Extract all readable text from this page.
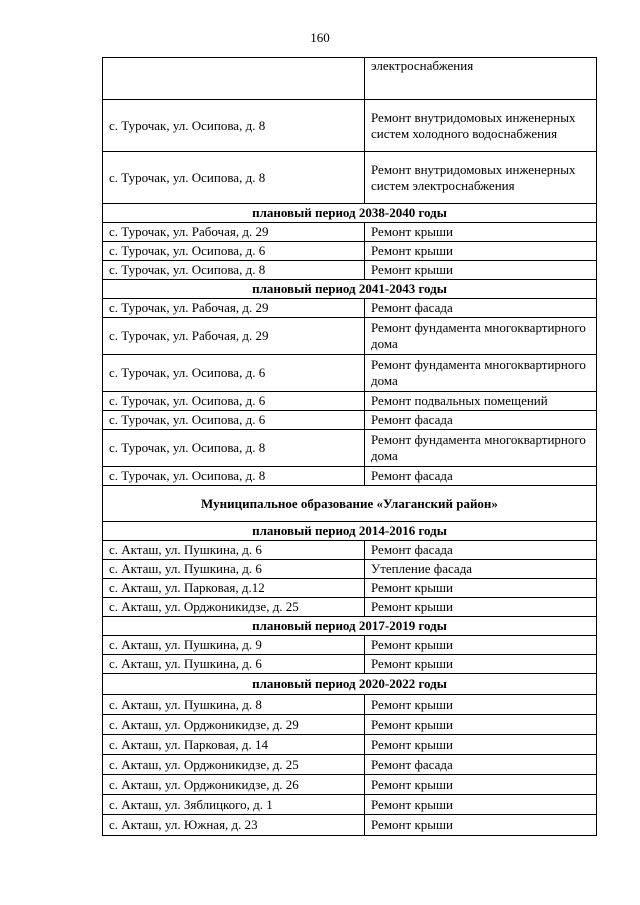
160
	электроснабжения
с. Турочак, ул. Осипова, д. 8	Ремонт внутридомовых инженерных систем холодного водоснабжения
с. Турочак, ул. Осипова, д. 8	Ремонт внутридомовых инженерных систем электроснабжения
плановый период 2038-2040 годы	
с. Турочак, ул. Рабочая, д. 29	Ремонт крыши
с. Турочак, ул. Осипова, д. 6	Ремонт крыши
с. Турочак, ул. Осипова, д. 8	Ремонт крыши
плановый период 2041-2043 годы	
с. Турочак, ул. Рабочая, д. 29	Ремонт фасада
с. Турочак, ул. Рабочая, д. 29	Ремонт фундамента многоквартирного дома
с. Турочак, ул. Осипова, д. 6	Ремонт фундамента многоквартирного дома
с. Турочак, ул. Осипова, д. 6	Ремонт подвальных помещений
с. Турочак, ул. Осипова, д. 6	Ремонт фасада
с. Турочак, ул. Осипова, д. 8	Ремонт фундамента многоквартирного дома
с. Турочак, ул. Осипова, д. 8	Ремонт фасада
Муниципальное образование «Улаганский район»	
плановый период 2014-2016 годы	
с. Акташ, ул. Пушкина, д. 6	Ремонт фасада
с. Акташ, ул. Пушкина, д. 6	Утепление фасада
с. Акташ, ул. Парковая, д.12	Ремонт крыши
с. Акташ, ул. Орджоникидзе, д. 25	Ремонт крыши
плановый период 2017-2019 годы	
с. Акташ, ул. Пушкина, д. 9	Ремонт крыши
с. Акташ, ул. Пушкина, д. 6	Ремонт крыши
плановый период 2020-2022 годы	
с. Акташ, ул. Пушкина, д. 8	Ремонт крыши
с. Акташ, ул. Орджоникидзе, д. 29	Ремонт крыши
с. Акташ, ул. Парковая, д. 14	Ремонт крыши
с. Акташ, ул. Орджоникидзе, д. 25	Ремонт фасада
с. Акташ, ул. Орджоникидзе, д. 26	Ремонт крыши
с. Акташ, ул. Зяблицкого, д. 1	Ремонт крыши
с. Акташ, ул. Южная, д. 23	Ремонт крыши
